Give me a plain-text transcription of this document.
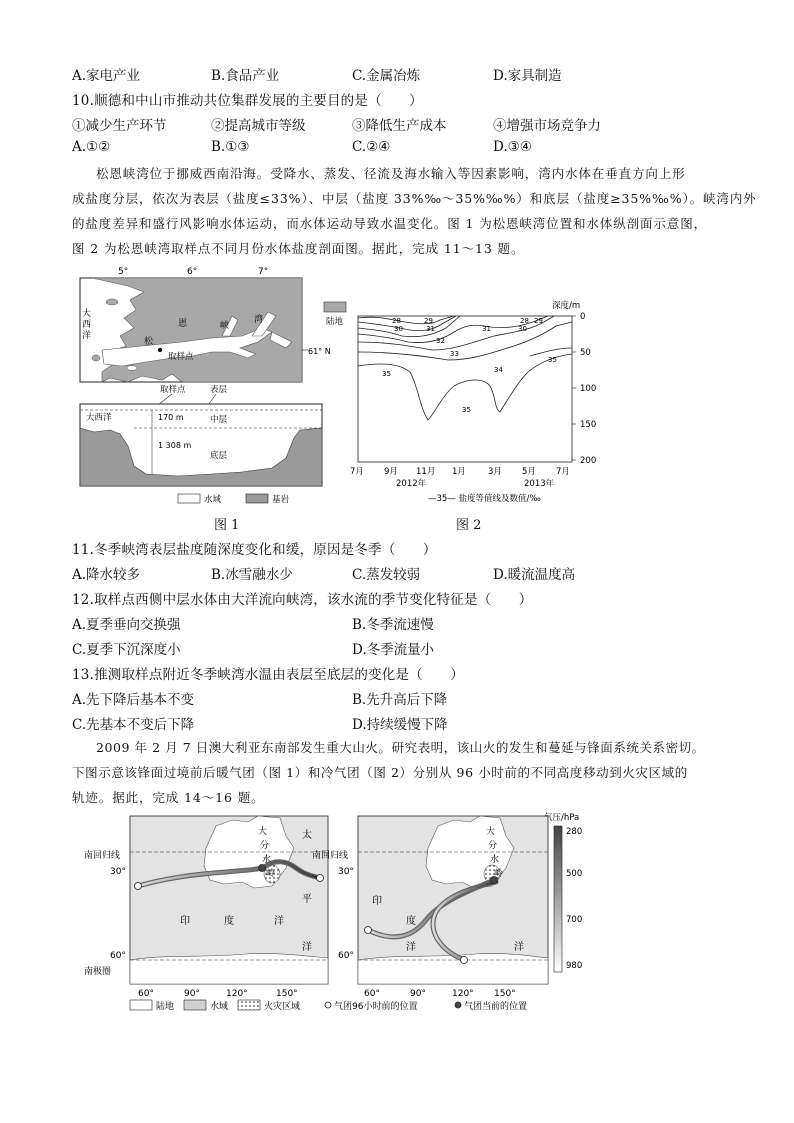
A.家电产业	B.食品产业	C.金属冶炼	D.家具制造
10.顺德和中山市推动共位集群发展的主要目的是（　　）
①减少生产环节	②提高城市等级	③降低生产成本	④增强市场竞争力
A.①②	B.①③	C.②④	D.③④
松恩峡湾位于挪威西南沿海。受降水、蒸发、径流及海水输入等因素影响，湾内水体在垂直方向上形
成盐度分层，依次为表层（盐度≤33%）、中层（盐度 33%‰～35%‰%）和底层（盐度≥35%‰%）。峡湾内外
的盐度差异和盛行风影响水体运动，而水体运动导致水温变化。图 1 为松恩峡湾位置和水体纵剖面示意图，
图 2 为松恩峡湾取样点不同月份水体盐度剖面图。据此，完成 11～13 题。
5°	6°	7°
大
西
洋
松
恩	峡
湾
取样点
61° N
取样点	表层
大西洋	170 m	中层
1 308 m
底层
水域	基岩
陆地
深度/m
0
50
100
150
200
28	29
30	31	31	30
29
28
32
33
34
35
35
35
7月 9月 11月 1月	3月 5月 7月
2012年	2013年
—35— 盐度等值线及数值/‰
图 1	图 2
11.冬季峡湾表层盐度随深度变化和缓，原因是冬季（　　）
A.降水较多	B.冰雪融水少	C.蒸发较弱	D.暖流温度高
12.取样点西侧中层水体由大洋流向峡湾，该水流的季节变化特征是（　　）
A.夏季垂向交换强	B.冬季流速慢
C.夏季下沉深度小	D.冬季流量小
13.推测取样点附近冬季峡湾水温由表层至底层的变化是（　　）
A.先下降后基本不变	B.先升高后下降
C.先基本不变后下降	D.持续缓慢下降
2009 年 2 月 7 日澳大利亚东南部发生重大山火。研究表明，该山火的发生和蔓延与锋面系统关系密切。
下图示意该锋面过境前后暖气团（图 1）和冷气团（图 2）分别从 96 小时前的不同高度移动到火灾区域的
轨迹。据此，完成 14～16 题。
印	度	洋
大
分
水
岭
太
平
洋
南回归线
30°
60°
南极圈
60°	90°	120°	150°
印
度
洋
大
分
水
岭
洋
南回归线
30°
60°
60°	90°	120° 150°
气压/hPa
280
500
700
980
陆地	水域	火灾区域	气团96小时前的位置	气团当前的位置
